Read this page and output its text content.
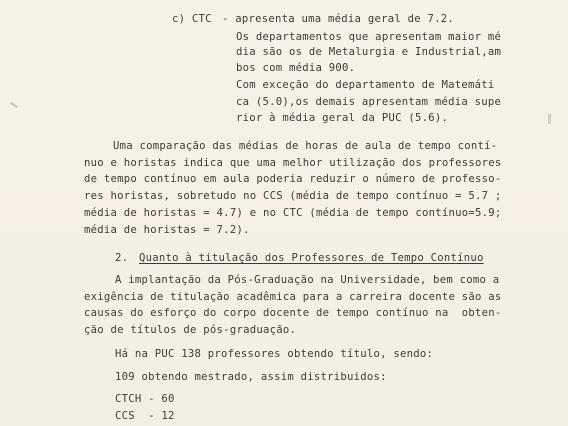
c) CTC - apresenta uma média geral de 7.2.
Os departamentos que apresentam maior mé
dia são os de Metalurgia e Industrial,am
bos com média 900.
Com exceção do departamento de Matemáti
ca (5.0),os demais apresentam média supe
rior à média geral da PUC (5.6).
Uma comparação das médias de horas de aula de tempo contí-
nuo e horistas indica que uma melhor utilização dos professores
de tempo contínuo em aula poderia reduzir o número de professo-
res horistas, sobretudo no CCS (média de tempo contínuo = 5.7 ;
média de horistas = 4.7) e no CTC (média de tempo contínuo=5.9;
média de horistas = 7.2).
2. Quanto à titulação dos Professores de Tempo Contínuo
A implantação da Pós-Graduação na Universidade, bem como a
exigência de titulação acadêmica para a carreira docente são as
causas do esforço do corpo docente de tempo contínuo na  obten-
ção de títulos de pós-graduação.
Há na PUC 138 professores obtendo título, sendo:
109 obtendo mestrado, assim distribuidos:
CTCH - 60
CCS  - 12
